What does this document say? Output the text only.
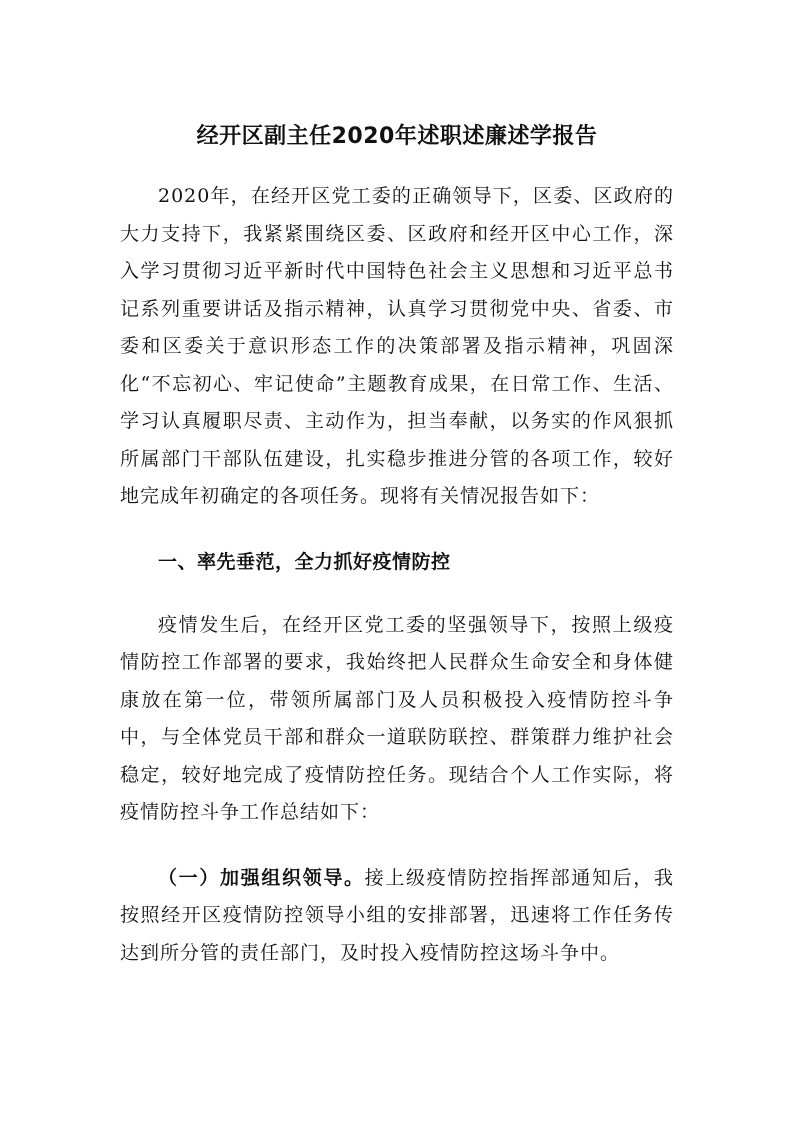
经开区副主任2020年述职述廉述学报告

2020年，在经开区党工委的正确领导下，区委、区政府的大力支持下，我紧紧围绕区委、区政府和经开区中心工作，深入学习贯彻习近平新时代中国特色社会主义思想和习近平总书记系列重要讲话及指示精神，认真学习贯彻党中央、省委、市委和区委关于意识形态工作的决策部署及指示精神，巩固深化“不忘初心、牢记使命”主题教育成果，在日常工作、生活、学习认真履职尽责、主动作为，担当奉献，以务实的作风狠抓所属部门干部队伍建设，扎实稳步推进分管的各项工作，较好地完成年初确定的各项任务。现将有关情况报告如下：

一、率先垂范，全力抓好疫情防控

疫情发生后，在经开区党工委的坚强领导下，按照上级疫情防控工作部署的要求，我始终把人民群众生命安全和身体健康放在第一位，带领所属部门及人员积极投入疫情防控斗争中，与全体党员干部和群众一道联防联控、群策群力维护社会稳定，较好地完成了疫情防控任务。现结合个人工作实际，将疫情防控斗争工作总结如下：

（一）加强组织领导。接上级疫情防控指挥部通知后，我按照经开区疫情防控领导小组的安排部署，迅速将工作任务传达到所分管的责任部门，及时投入疫情防控这场斗争中。
